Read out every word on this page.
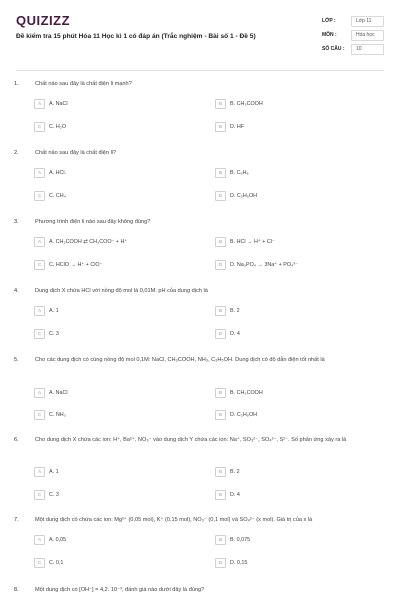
QUIZIZZ
Đề kiểm tra 15 phút Hóa 11 Học kì 1 có đáp án (Trắc nghiệm - Bài số 1 - Đề 5)
LỚP :	Lớp 11
MÔN :	Hóa học
SỐ CÂU :	10
1.	Chất nào sau đây là chất điện li mạnh?
A	A. NaCl	B	B. CH₃COOH
C	C. H₂O	D	D. HF
2.	Chất nào sau đây là chất điện li?
A	A. HCl.	B	B. C₆H₆
C	C. CH₄	D	D. C₂H₅OH
3.	Phương trình điện li nào sau đây không đúng?
A	A. CH₃COOH ⇄ CH₃COO⁻ + H⁺	B	B. HCl → H⁺ + Cl⁻
C	C. HClO → H⁺ + ClO⁻	D	D. Na₃PO₄ → 3Na⁺ + PO₄³⁻
4.	Dung dịch X chứa HCl với nồng độ mol là 0,01M. pH của dung dịch là
A	A. 1	B	B. 2
C	C. 3	D	D. 4
5.	Cho các dung dịch có cùng nồng độ mol 0,1M: NaCl, CH₃COOH, NH₃, C₂H₅OH. Dung dịch có độ dẫn điện tốt nhất là
A	A. NaCl	B	B. CH₃COOH
C	C. NH₃	D	D. C₂H₅OH
6.	Cho dung dịch X chứa các ion: H⁺, Ba²⁺, NO₃⁻ vào dung dịch Y chứa các ion: Na⁺, SO₃²⁻, SO₄²⁻, S²⁻. Số phản ứng xảy ra là
A	A. 1	B	B. 2
C	C. 3	D	D. 4
7.	Một dung dịch có chứa các ion: Mg²⁺ (0,05 mol), K⁺ (0,15 mol), NO₃⁻ (0,1 mol) và SO₄²⁻ (x mol). Giá trị của x là
A	A. 0,05	B	B. 0,075
C	C. 0,1	D	D. 0,15
8.	Một dung dịch có [OH⁻] = 4,2. 10⁻³, đánh giá nào dưới đây là đúng?
